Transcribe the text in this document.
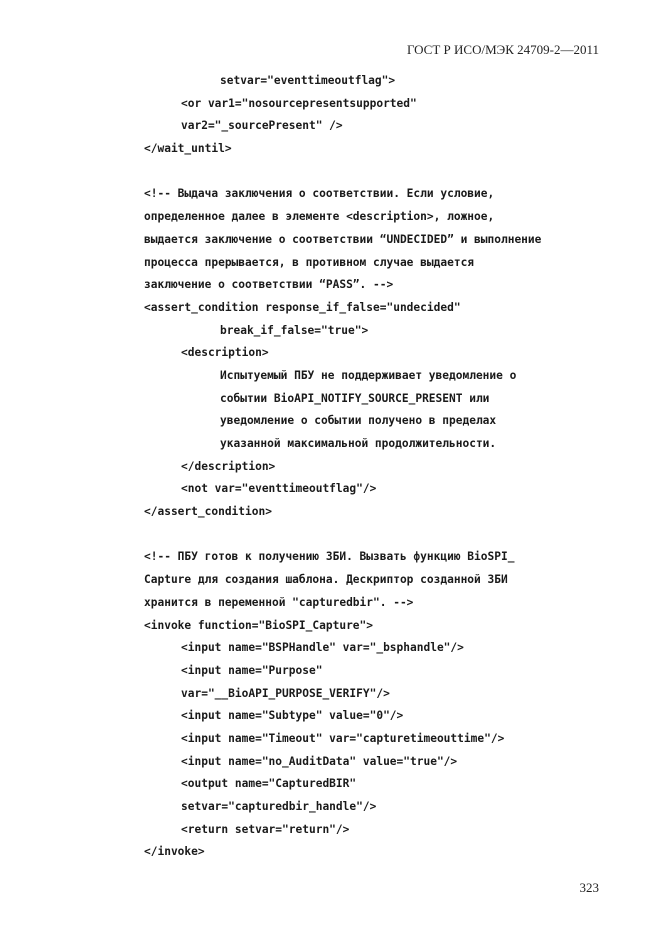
ГОСТ Р ИСО/МЭК 24709-2—2011
setvar="eventtimeoutflag">
<or var1="nosourcepresentsupported"
var2="_sourcePresent" />
</wait_until>
<!-- Выдача заключения о соответствии. Если условие,
определенное далее в элементе <description>, ложное,
выдается заключение о соответствии “UNDECIDED” и выполнение
процесса прерывается, в противном случае выдается
заключение о соответствии “PASS”. -->
<assert_condition response_if_false="undecided"
break_if_false="true">
<description>
Испытуемый ПБУ не поддерживает уведомление о
событии BioAPI_NOTIFY_SOURCE_PRESENT или
уведомление о событии получено в пределах
указанной максимальной продолжительности.
</description>
<not var="eventtimeoutflag"/>
</assert_condition>
<!-- ПБУ готов к получению ЗБИ. Вызвать функцию BioSPI_
Capture для создания шаблона. Дескриптор созданной ЗБИ
хранится в переменной "capturedbir". -->
<invoke function="BioSPI_Capture">
<input name="BSPHandle" var="_bsphandle"/>
<input name="Purpose"
var="__BioAPI_PURPOSE_VERIFY"/>
<input name="Subtype" value="0"/>
<input name="Timeout" var="capturetimeouttime"/>
<input name="no_AuditData" value="true"/>
<output name="CapturedBIR"
setvar="capturedbir_handle"/>
<return setvar="return"/>
</invoke>
323
